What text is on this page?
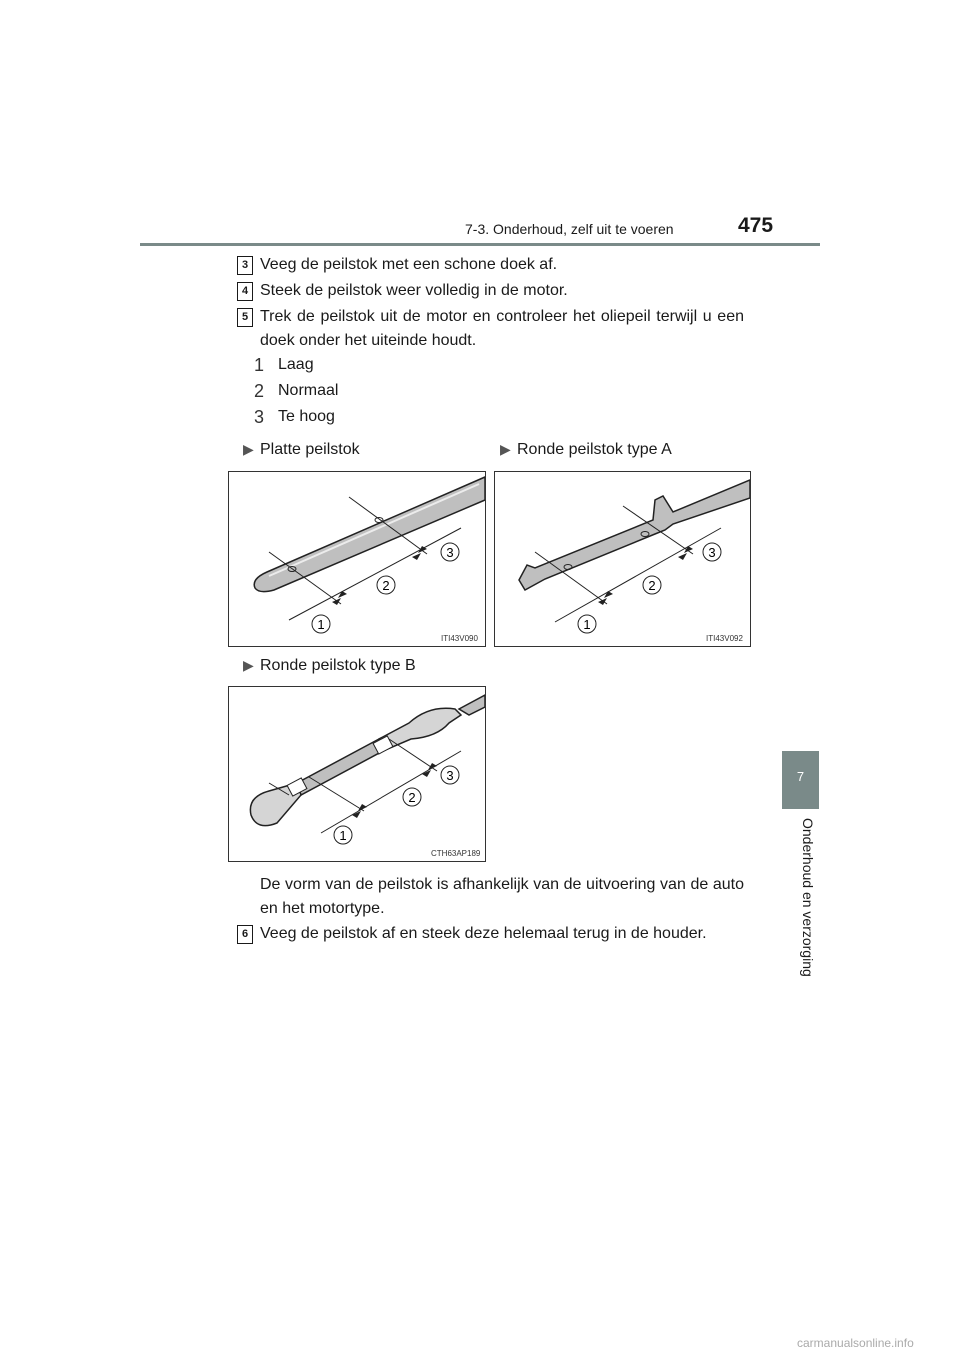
7-3. Onderhoud, zelf uit te voeren	475
7
Onderhoud en verzorging
3 Veeg de peilstok met een schone doek af.
4 Steek de peilstok weer volledig in de motor.
5 Trek de peilstok uit de motor en controleer het oliepeil terwijl u een doek onder het uiteinde houdt.
1 Laag
2 Normaal
3 Te hoog
▶ Platte peilstok	▶ Ronde peilstok type A
2
3
1
ITI43V090
2
3
1
ITI43V092
▶ Ronde peilstok type B
2
3
1
CTH63AP189
De vorm van de peilstok is afhankelijk van de uitvoering van de auto en het motortype.
6 Veeg de peilstok af en steek deze helemaal terug in de houder.
carmanualsonline.info
